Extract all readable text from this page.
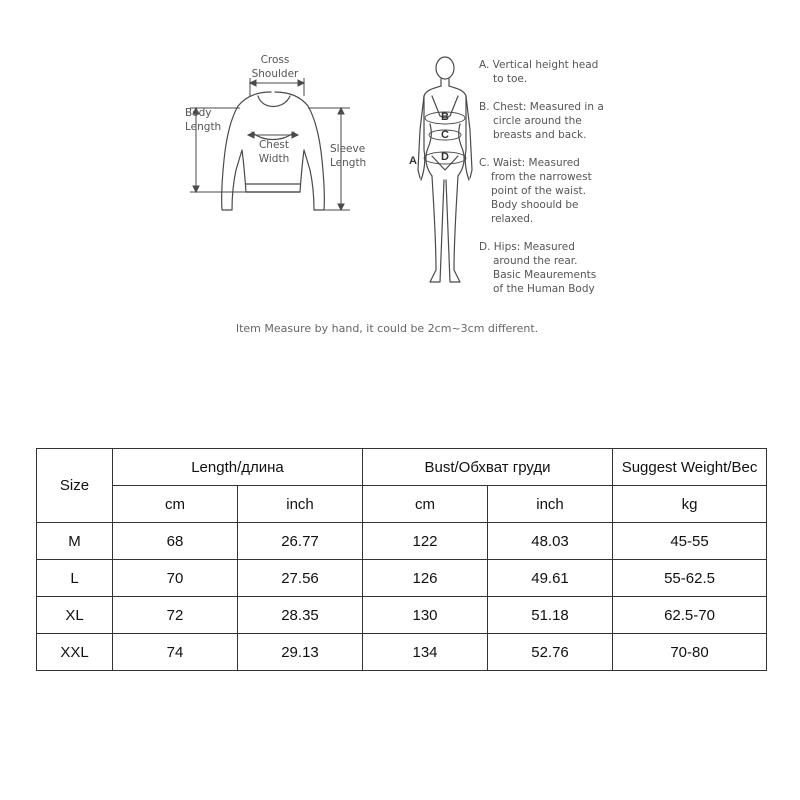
Cross
Shoulder
Body
Length
Chest
Width
Sleeve
Length	A
B
C
D
A. Vertical height head
to toe.
B. Chest: Measured in a
circle around the
breasts and back.
C. Waist: Measured
from the narrowest
point of the waist.
Body shoould be
relaxed.
D. Hips: Measured
around the rear.
Basic Meaurements
of the Human Body
Item Measure by hand, it could be 2cm~3cm different.
Size	Length/длина		Bust/Обхват груди		Suggest Weight/Вес
	cm	inch	cm	inch	kg
M	68	26.77	122	48.03	45-55
L	70	27.56	126	49.61	55-62.5
XL	72	28.35	130	51.18	62.5-70
XXL	74	29.13	134	52.76	70-80
